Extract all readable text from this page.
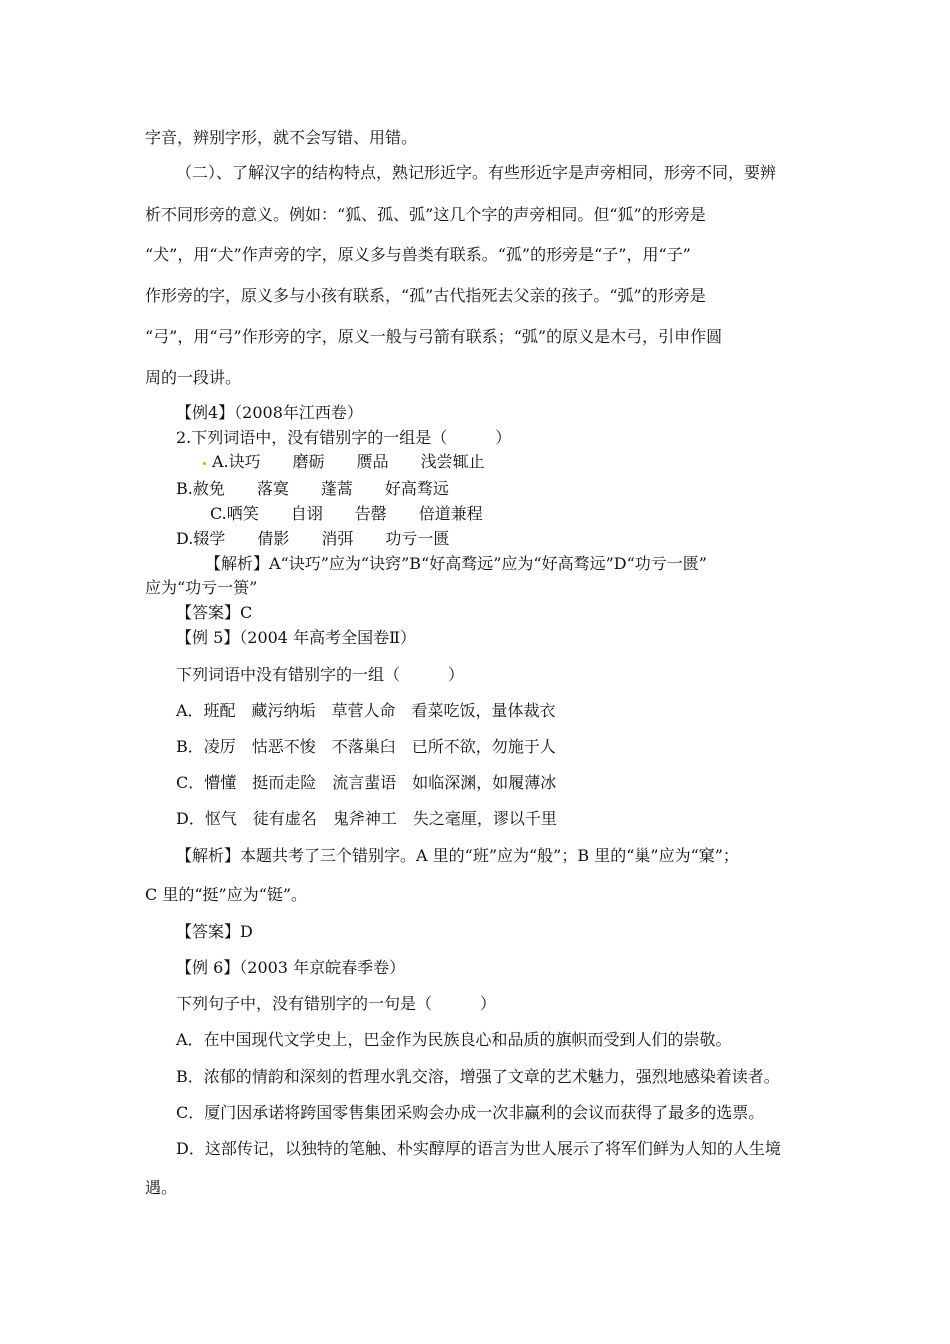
字音，辨别字形，就不会写错、用错。
（二）、了解汉字的结构特点，熟记形近字。有些形近字是声旁相同，形旁不同，要辨
析不同形旁的意义。例如：“狐、孤、弧”这几个字的声旁相同。但“狐”的形旁是
“犬”，用“犬”作声旁的字，原义多与兽类有联系。“孤”的形旁是“子”，用“子”
作形旁的字，原义多与小孩有联系，“孤”古代指死去父亲的孩子。“弧”的形旁是
“弓”，用“弓”作形旁的字，原义一般与弓箭有联系；“弧”的原义是木弓，引申作圆
周的一段讲。
【例4】（2008年江西卷）
2.下列词语中，没有错别字的一组是（　　　）
A.诀巧　　磨砺　　赝品　　浅尝辄止
B.赦免　　落寞　　蓬蒿　　好高骛远
C.哂笑　　自诩　　告罄　　倍道兼程
D.辍学　　倩影　　消弭　　功亏一匮
【解析】A“诀巧”应为“诀窍”B“好高骛远”应为“好高骛远”D“功亏一匮”
应为“功亏一篑”
【答案】C
【例 5】（2004 年高考全国卷Ⅱ）
下列词语中没有错别字的一组（　　　）
A．班配　藏污纳垢　草菅人命　看菜吃饭，量体裁衣
B．凌厉　怙恶不悛　不落巢臼　已所不欲，勿施于人
C．懵懂　挺而走险　流言蜚语　如临深渊，如履薄冰
D．怄气　徒有虚名　鬼斧神工　失之毫厘，谬以千里
【解析】本题共考了三个错别字。A 里的“班”应为“般”；B 里的“巢”应为“窠”；
C 里的“挺”应为“铤”。
【答案】D
【例 6】（2003 年京皖春季卷）
下列句子中，没有错别字的一句是（　　　）
A．在中国现代文学史上，巴金作为民族良心和品质的旗帜而受到人们的崇敬。
B．浓郁的情韵和深刻的哲理水乳交溶，增强了文章的艺术魅力，强烈地感染着读者。
C．厦门因承诺将跨国零售集团采购会办成一次非赢利的会议而获得了最多的选票。
D．这部传记，以独特的笔触、朴实醇厚的语言为世人展示了将军们鲜为人知的人生境
遇。
